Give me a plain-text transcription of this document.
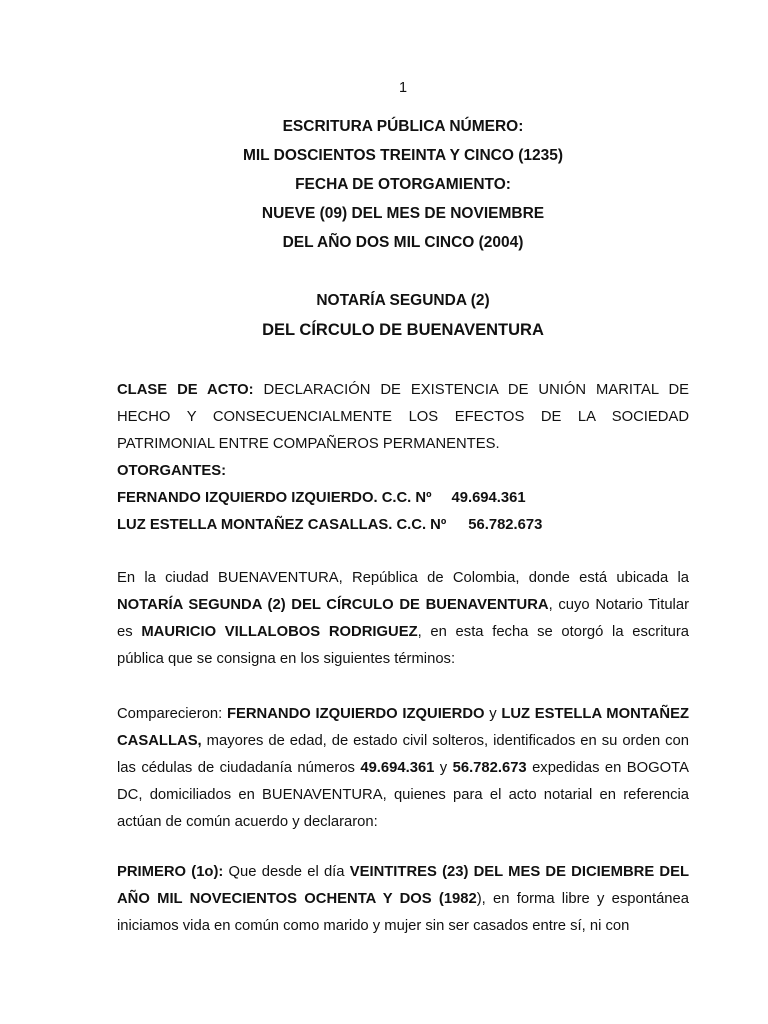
1
ESCRITURA PÚBLICA NÚMERO:
MIL DOSCIENTOS TREINTA Y CINCO (1235)
FECHA DE OTORGAMIENTO:
NUEVE (09) DEL MES DE NOVIEMBRE
DEL AÑO DOS MIL CINCO (2004)
NOTARÍA SEGUNDA (2)
DEL CÍRCULO DE BUENAVENTURA

CLASE DE ACTO: DECLARACIÓN DE EXISTENCIA DE UNIÓN MARITAL DE HECHO Y CONSECUENCIALMENTE LOS EFECTOS DE LA SOCIEDAD PATRIMONIAL ENTRE COMPAÑEROS PERMANENTES.

OTORGANTES:
FERNANDO IZQUIERDO IZQUIERDO. C.C. Nº 49.694.361
LUZ ESTELLA MONTAÑEZ CASALLAS. C.C. Nº 56.782.673

En la ciudad BUENAVENTURA, República de Colombia, donde está ubicada la NOTARÍA SEGUNDA (2) DEL CÍRCULO DE BUENAVENTURA, cuyo Notario Titular es MAURICIO VILLALOBOS RODRIGUEZ, en esta fecha se otorgó la escritura pública que se consigna en los siguientes términos:

Comparecieron: FERNANDO IZQUIERDO IZQUIERDO y LUZ ESTELLA MONTAÑEZ CASALLAS, mayores de edad, de estado civil solteros, identificados en su orden con las cédulas de ciudadanía números 49.694.361 y 56.782.673 expedidas en BOGOTA DC, domiciliados en BUENAVENTURA, quienes para el acto notarial en referencia actúan de común acuerdo y declararon:

PRIMERO (1o): Que desde el día VEINTITRES (23) DEL MES DE DICIEMBRE DEL AÑO MIL NOVECIENTOS OCHENTA Y DOS (1982), en forma libre y espontánea iniciamos vida en común como marido y mujer sin ser casados entre sí, ni con
